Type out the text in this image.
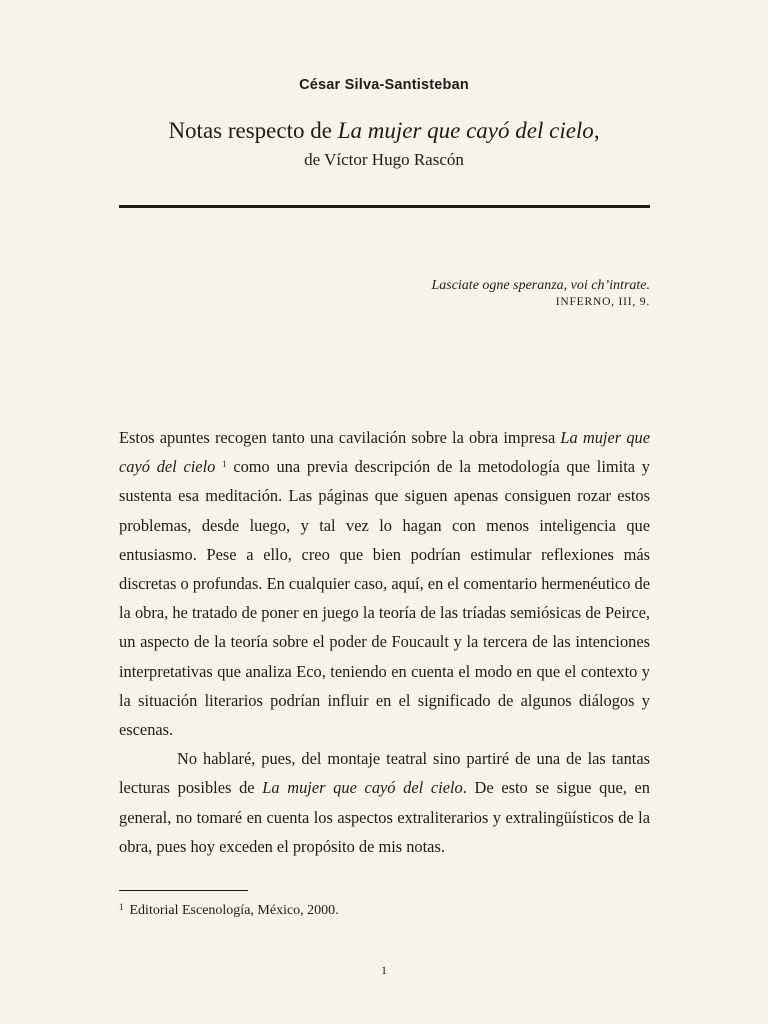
César Silva-Santisteban
Notas respecto de La mujer que cayó del cielo,
de Víctor Hugo Rascón
Lasciate ogne speranza, voi ch’intrate.
INFERNO, III, 9.

Estos apuntes recogen tanto una cavilación sobre la obra impresa La mujer que cayó del cielo $^1$ como una previa descripción de la metodología que limita y sustenta esa meditación. Las páginas que siguen apenas consiguen rozar estos problemas, desde luego, y tal vez lo hagan con menos inteligencia que entusiasmo. Pese a ello, creo que bien podrían estimular reflexiones más discretas o profundas. En cualquier caso, aquí, en el comentario hermenéutico de la obra, he tratado de poner en juego la teoría de las tríadas semiósicas de Peirce, un aspecto de la teoría sobre el poder de Foucault y la tercera de las intenciones interpretativas que analiza Eco, teniendo en cuenta el modo en que el contexto y la situación literarios podrían influir en el significado de algunos diálogos y escenas.

No hablaré, pues, del montaje teatral sino partiré de una de las tantas lecturas posibles de La mujer que cayó del cielo. De esto se sigue que, en general, no tomaré en cuenta los aspectos extraliterarios y extralingüísticos de la obra, pues hoy exceden el propósito de mis notas.

$^1$ Editorial Escenología, México, 2000.
1
